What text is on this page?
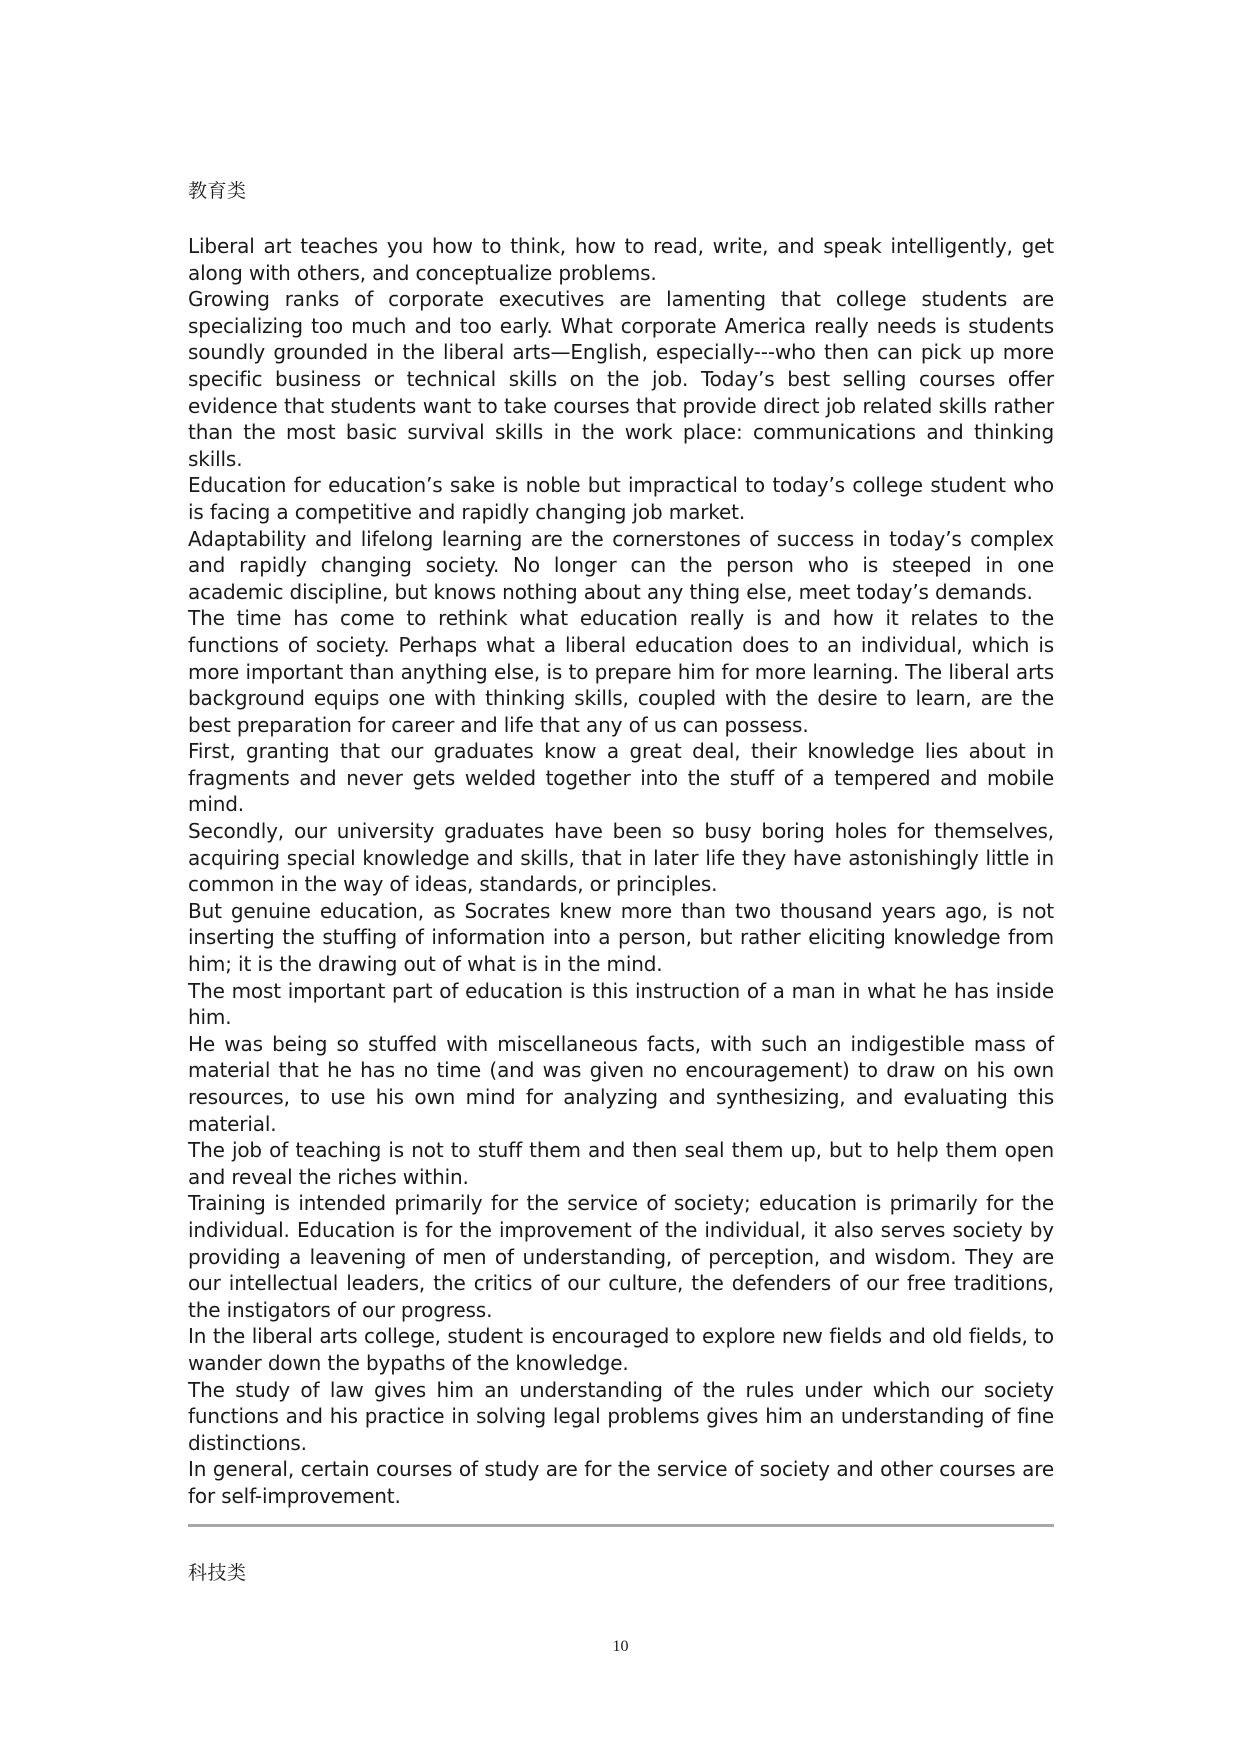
教育类

Liberal art teaches you how to think, how to read, write, and speak intelligently, get along with others, and conceptualize problems.

Growing ranks of corporate executives are lamenting that college students are specializing too much and too early. What corporate America really needs is students soundly grounded in the liberal arts—English, especially---who then can pick up more specific business or technical skills on the job. Today’s best selling courses offer evidence that students want to take courses that provide direct job related skills rather than the most basic survival skills in the work place: communications and thinking skills.

Education for education’s sake is noble but impractical to today’s college student who is facing a competitive and rapidly changing job market.

Adaptability and lifelong learning are the cornerstones of success in today’s complex and rapidly changing society. No longer can the person who is steeped in one academic discipline, but knows nothing about any thing else, meet today’s demands.

The time has come to rethink what education really is and how it relates to the functions of society. Perhaps what a liberal education does to an individual, which is more important than anything else, is to prepare him for more learning. The liberal arts background equips one with thinking skills, coupled with the desire to learn, are the best preparation for career and life that any of us can possess.

First, granting that our graduates know a great deal, their knowledge lies about in fragments and never gets welded together into the stuff of a tempered and mobile mind.

Secondly, our university graduates have been so busy boring holes for themselves, acquiring special knowledge and skills, that in later life they have astonishingly little in common in the way of ideas, standards, or principles.

But genuine education, as Socrates knew more than two thousand years ago, is not inserting the stuffing of information into a person, but rather eliciting knowledge from him; it is the drawing out of what is in the mind.

The most important part of education is this instruction of a man in what he has inside him.

He was being so stuffed with miscellaneous facts, with such an indigestible mass of material that he has no time (and was given no encouragement) to draw on his own resources, to use his own mind for analyzing and synthesizing, and evaluating this material.

The job of teaching is not to stuff them and then seal them up, but to help them open and reveal the riches within.

Training is intended primarily for the service of society; education is primarily for the individual. Education is for the improvement of the individual, it also serves society by providing a leavening of men of understanding, of perception, and wisdom. They are our intellectual leaders, the critics of our culture, the defenders of our free traditions, the instigators of our progress.

In the liberal arts college, student is encouraged to explore new fields and old fields, to wander down the bypaths of the knowledge.

The study of law gives him an understanding of the rules under which our society functions and his practice in solving legal problems gives him an understanding of fine distinctions.

In general, certain courses of study are for the service of society and other courses are for self-improvement.

科技类
10
